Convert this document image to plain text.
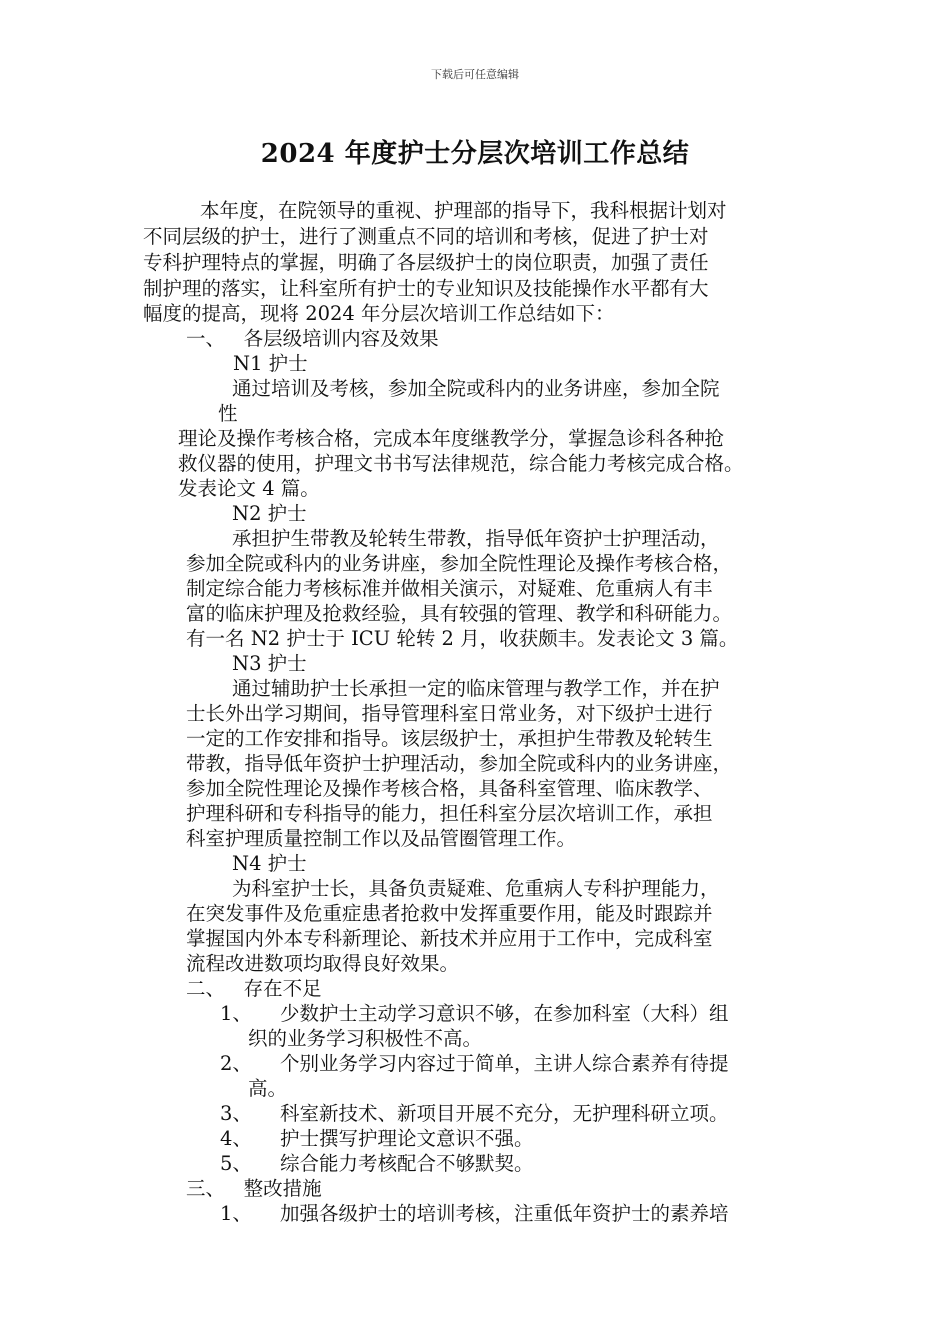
下载后可任意编辑
2024 年度护士分层次培训工作总结
本年度，在院领导的重视、护理部的指导下，我科根据计划对
不同层级的护士，进行了测重点不同的培训和考核，促进了护士对
专科护理特点的掌握，明确了各层级护士的岗位职责，加强了责任
制护理的落实，让科室所有护士的专业知识及技能操作水平都有大
幅度的提高，现将 2024 年分层次培训工作总结如下：
一、   各层级培训内容及效果
N1 护士
通过培训及考核，参加全院或科内的业务讲座，参加全院
性
理论及操作考核合格，完成本年度继教学分，掌握急诊科各种抢
救仪器的使用，护理文书书写法律规范，综合能力考核完成合格。
发表论文 4 篇。
N2 护士
承担护生带教及轮转生带教，指导低年资护士护理活动，
参加全院或科内的业务讲座，参加全院性理论及操作考核合格，
制定综合能力考核标准并做相关演示，对疑难、危重病人有丰
富的临床护理及抢救经验，具有较强的管理、教学和科研能力。
有一名 N2 护士于 ICU 轮转 2 月，收获颇丰。发表论文 3 篇。
N3 护士
通过辅助护士长承担一定的临床管理与教学工作，并在护
士长外出学习期间，指导管理科室日常业务，对下级护士进行
一定的工作安排和指导。该层级护士，承担护生带教及轮转生
带教，指导低年资护士护理活动，参加全院或科内的业务讲座，
参加全院性理论及操作考核合格，具备科室管理、临床教学、
护理科研和专科指导的能力，担任科室分层次培训工作，承担
科室护理质量控制工作以及品管圈管理工作。
N4 护士
为科室护士长，具备负责疑难、危重病人专科护理能力，
在突发事件及危重症患者抢救中发挥重要作用，能及时跟踪并
掌握国内外本专科新理论、新技术并应用于工作中，完成科室
流程改进数项均取得良好效果。
二、   存在不足
1、 少数护士主动学习意识不够，在参加科室（大科）组
织的业务学习积极性不高。
2、 个别业务学习内容过于简单，主讲人综合素养有待提
高。
3、 科室新技术、新项目开展不充分，无护理科研立项。
4、 护士撰写护理论文意识不强。
5、 综合能力考核配合不够默契。
三、   整改措施
1、 加强各级护士的培训考核，注重低年资护士的素养培
